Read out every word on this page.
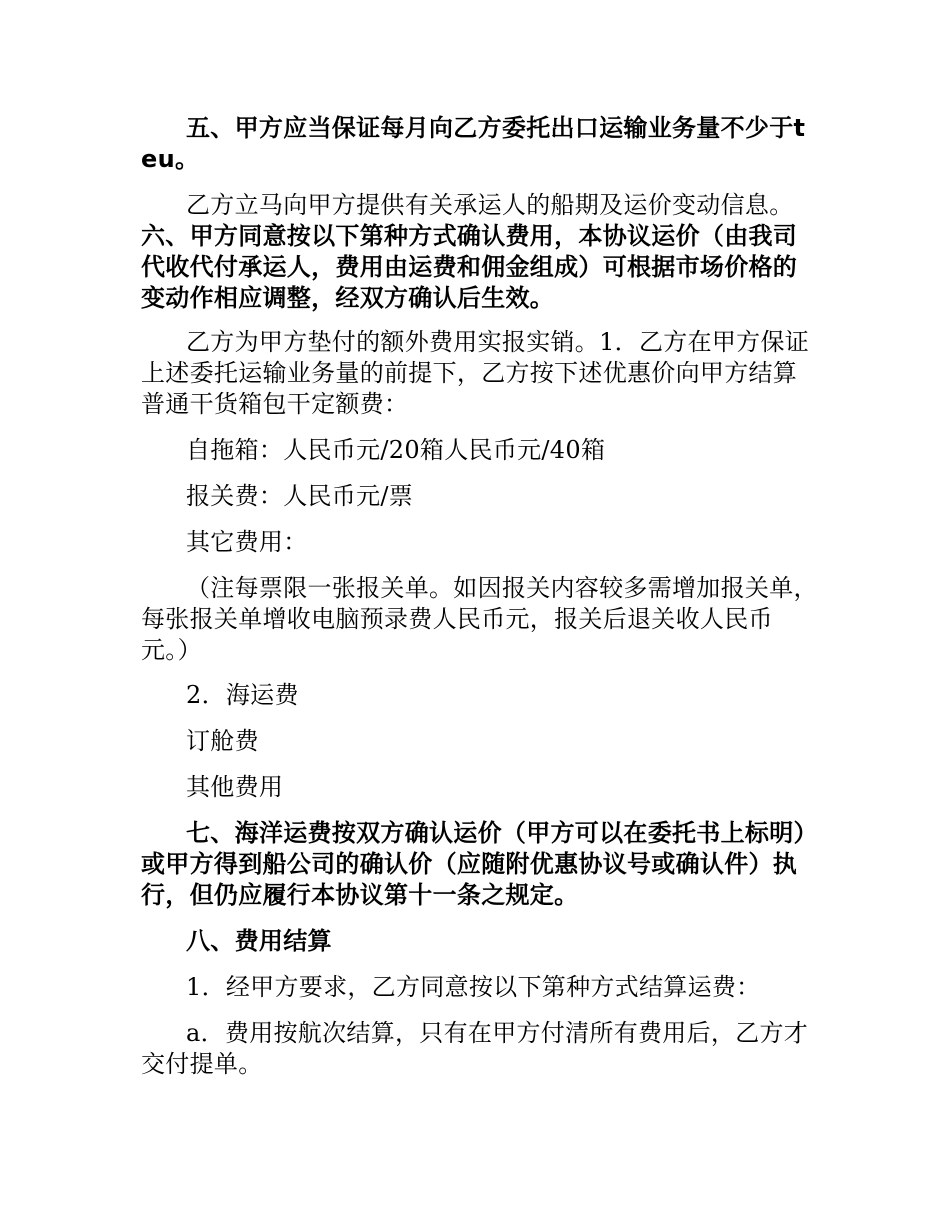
五、甲方应当保证每月向乙方委托出口运输业务量不少于teu。

乙方立马向甲方提供有关承运人的船期及运价变动信息。

六、甲方同意按以下第种方式确认费用，本协议运价（由我司代收代付承运人，费用由运费和佣金组成）可根据市场价格的变动作相应调整，经双方确认后生效。

乙方为甲方垫付的额外费用实报实销。1．乙方在甲方保证上述委托运输业务量的前提下，乙方按下述优惠价向甲方结算普通干货箱包干定额费：

自拖箱：人民币元/20箱人民币元/40箱

报关费：人民币元/票

其它费用：

（注每票限一张报关单。如因报关内容较多需增加报关单，每张报关单增收电脑预录费人民币元，报关后退关收人民币元。）

2．海运费

订舱费

其他费用

七、海洋运费按双方确认运价（甲方可以在委托书上标明）或甲方得到船公司的确认价（应随附优惠协议号或确认件）执行，但仍应履行本协议第十一条之规定。

八、费用结算

1．经甲方要求，乙方同意按以下第种方式结算运费：

a．费用按航次结算，只有在甲方付清所有费用后，乙方才交付提单。
